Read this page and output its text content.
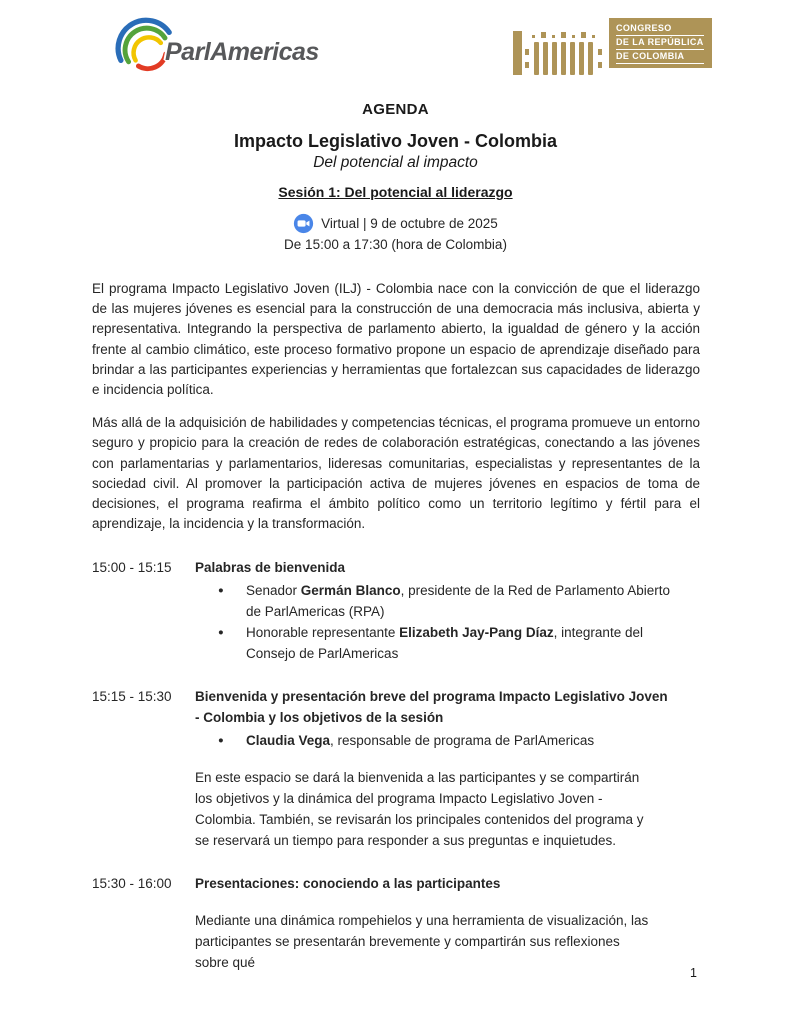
ParlAmericas
CONGRESO
DE LA REPÚBLICA
DE COLOMBIA
AGENDA
Impacto Legislativo Joven - Colombia
Del potencial al impacto
Sesión 1: Del potencial al liderazgo
Virtual | 9 de octubre de 2025
De 15:00 a 17:30 (hora de Colombia)

El programa Impacto Legislativo Joven (ILJ) - Colombia nace con la convicción de que el liderazgo de las mujeres jóvenes es esencial para la construcción de una democracia más inclusiva, abierta y representativa. Integrando la perspectiva de parlamento abierto, la igualdad de género y la acción frente al cambio climático, este proceso formativo propone un espacio de aprendizaje diseñado para brindar a las participantes experiencias y herramientas que fortalezcan sus capacidades de liderazgo e incidencia política.

Más allá de la adquisición de habilidades y competencias técnicas, el programa promueve un entorno seguro y propicio para la creación de redes de colaboración estratégicas, conectando a las jóvenes con parlamentarias y parlamentarios, lideresas comunitarias, especialistas y representantes de la sociedad civil. Al promover la participación activa de mujeres jóvenes en espacios de toma de decisiones, el programa reafirma el ámbito político como un territorio legítimo y fértil para el aprendizaje, la incidencia y la transformación.

15:00 - 15:15	Palabras de bienvenida
●	Senador Germán Blanco, presidente de la Red de Parlamento Abierto de ParlAmericas (RPA)
●	Honorable representante Elizabeth Jay-Pang Díaz, integrante del Consejo de ParlAmericas
15:15 - 15:30	Bienvenida y presentación breve del programa Impacto Legislativo Joven - Colombia y los objetivos de la sesión
●	Claudia Vega, responsable de programa de ParlAmericas
En este espacio se dará la bienvenida a las participantes y se compartirán los objetivos y la dinámica del programa Impacto Legislativo Joven - Colombia. También, se revisarán los principales contenidos del programa y se reservará un tiempo para responder a sus preguntas e inquietudes.
15:30 - 16:00	Presentaciones: conociendo a las participantes
Mediante una dinámica rompehielos y una herramienta de visualización, las participantes se presentarán brevemente y compartirán sus reflexiones sobre qué
1
